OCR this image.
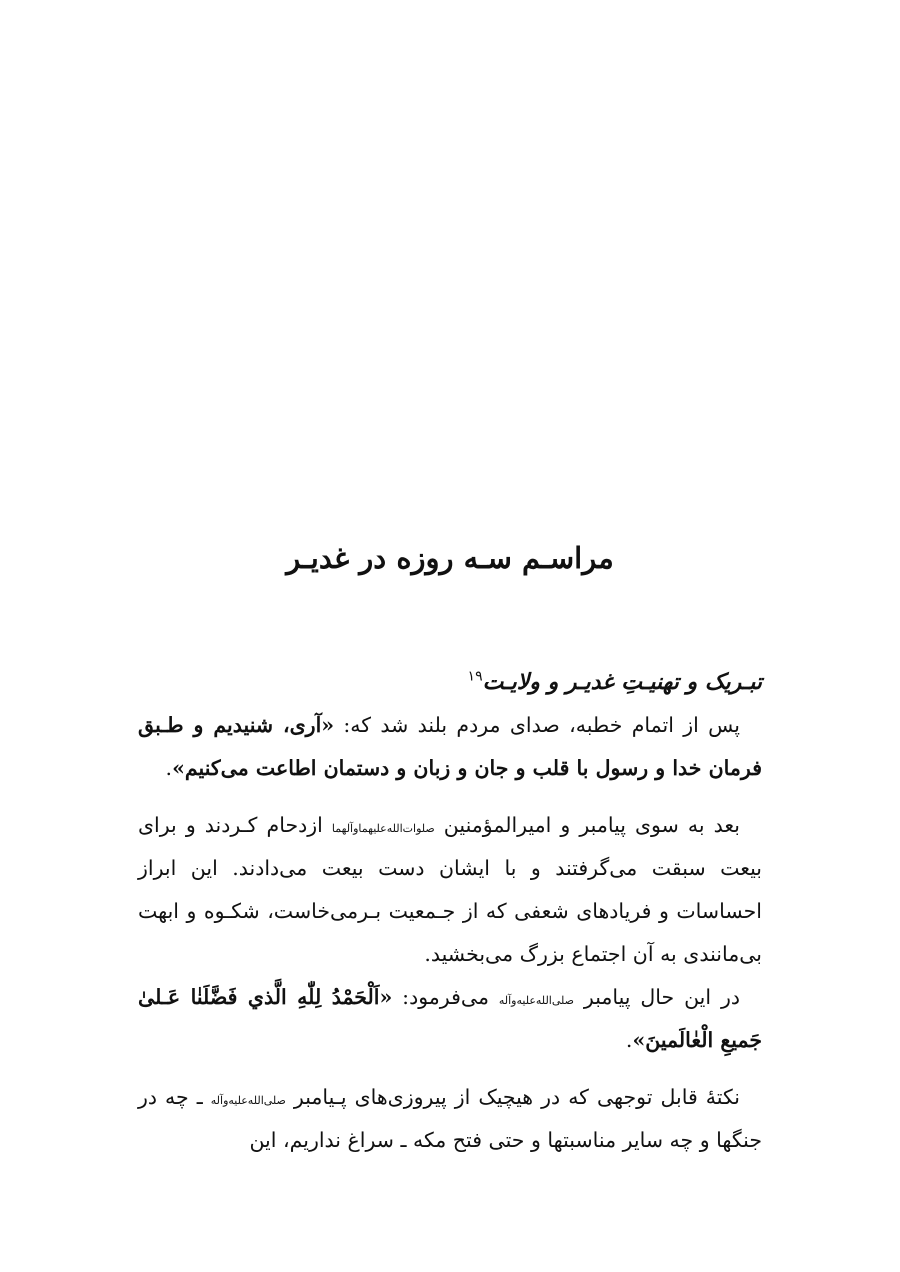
مراسـم سـه روزه در غدیـر
تبـریک و تهنیـتِ غدیـر و ولایـت$^{۱۹}$

پس از اتمام خطبه، صدای مردم بلند شد که: «آری، شنیدیم و طـبق فرمان خدا و رسول با قلب و جان و زبان و دستمان اطاعت می‌کنیم».

بعد به سوی پیامبر و امیرالمؤمنین صلوات‌الله‌علیهما‌وآلهما ازدحام کـردند و برای بیعت سبقت می‌گرفتند و با ایشان دست بیعت می‌دادند. این ابراز احساسات و فریادهای شعفی که از جـمعیت بـرمی‌خاست، شکـوه و ابهت بی‌مانندی به آن اجتماع بزرگ می‌بخشید.

در این حال پیامبر صلی‌الله‌علیه‌وآله می‌فرمود: «اَلْحَمْدُ لِلّٰهِ الَّذي فَضَّلَنٰا عَـلىٰ جَميعِ الْعٰالَمينَ».

نکتهٔ قابل توجهی که در هیچیک از پیروزی‌های پـیامبر صلی‌الله‌علیه‌وآله ـ چه در جنگها و چه سایر مناسبتها و حتی فتح مکه ـ سراغ نداریم، این
